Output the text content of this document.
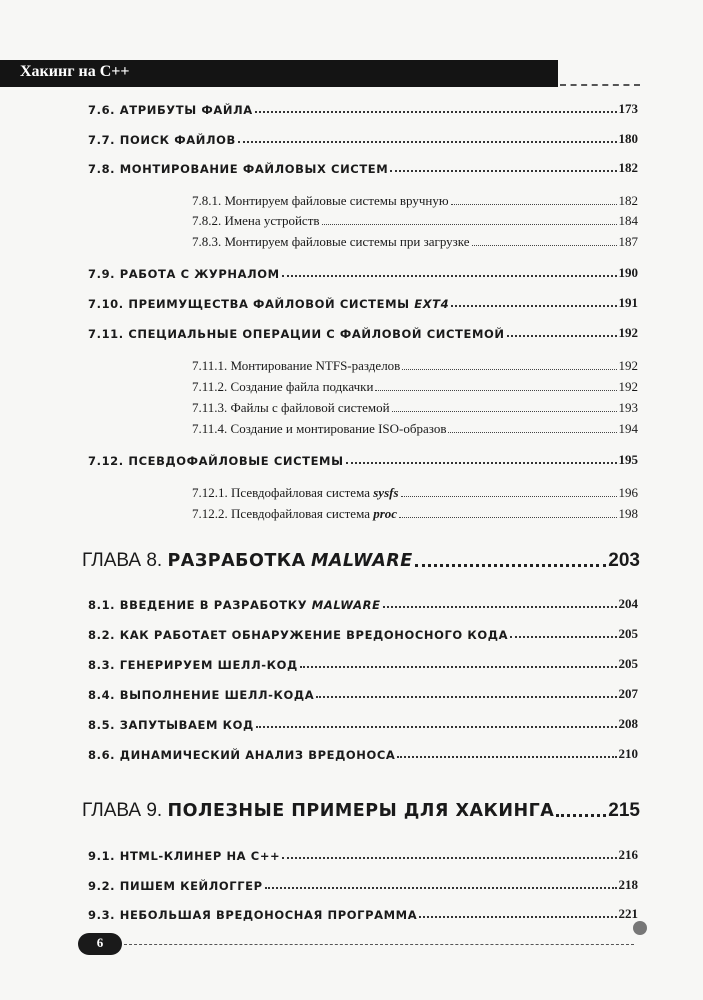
Хакинг на С++
7.6. АТРИБУТЫ ФАЙЛА	173
7.7. ПОИСК ФАЙЛОВ	180
7.8. МОНТИРОВАНИЕ ФАЙЛОВЫХ СИСТЕМ	182
7.8.1. Монтируем файловые системы вручную	182
7.8.2. Имена устройств	184
7.8.3. Монтируем файловые системы при загрузке	187
7.9. РАБОТА С ЖУРНАЛОМ	190
7.10. ПРЕИМУЩЕСТВА ФАЙЛОВОЙ СИСТЕМЫ EXT4	191
7.11. СПЕЦИАЛЬНЫЕ ОПЕРАЦИИ С ФАЙЛОВОЙ СИСТЕМОЙ	192
7.11.1. Монтирование NTFS-разделов	192
7.11.2. Создание файла подкачки	192
7.11.3. Файлы с файловой системой	193
7.11.4. Создание и монтирование ISO-образов	194
7.12. ПСЕВДОФАЙЛОВЫЕ СИСТЕМЫ	195
7.12.1. Псевдофайловая система sysfs	196
7.12.2. Псевдофайловая система proc	198
ГЛАВА 8. РАЗРАБОТКА MALWARE	203
8.1. ВВЕДЕНИЕ В РАЗРАБОТКУ MALWARE	204
8.2. КАК РАБОТАЕТ ОБНАРУЖЕНИЕ ВРЕДОНОСНОГО КОДА	205
8.3. ГЕНЕРИРУЕМ ШЕЛЛ-КОД	205
8.4. ВЫПОЛНЕНИЕ ШЕЛЛ-КОДА	207
8.5. ЗАПУТЫВАЕМ КОД	208
8.6. ДИНАМИЧЕСКИЙ АНАЛИЗ ВРЕДОНОСА	210
ГЛАВА 9. ПОЛЕЗНЫЕ ПРИМЕРЫ ДЛЯ ХАКИНГА	215
9.1. HTML-КЛИНЕР НА С++	216
9.2. ПИШЕМ КЕЙЛОГГЕР	218
9.3. НЕБОЛЬШАЯ ВРЕДОНОСНАЯ ПРОГРАММА	221
6
